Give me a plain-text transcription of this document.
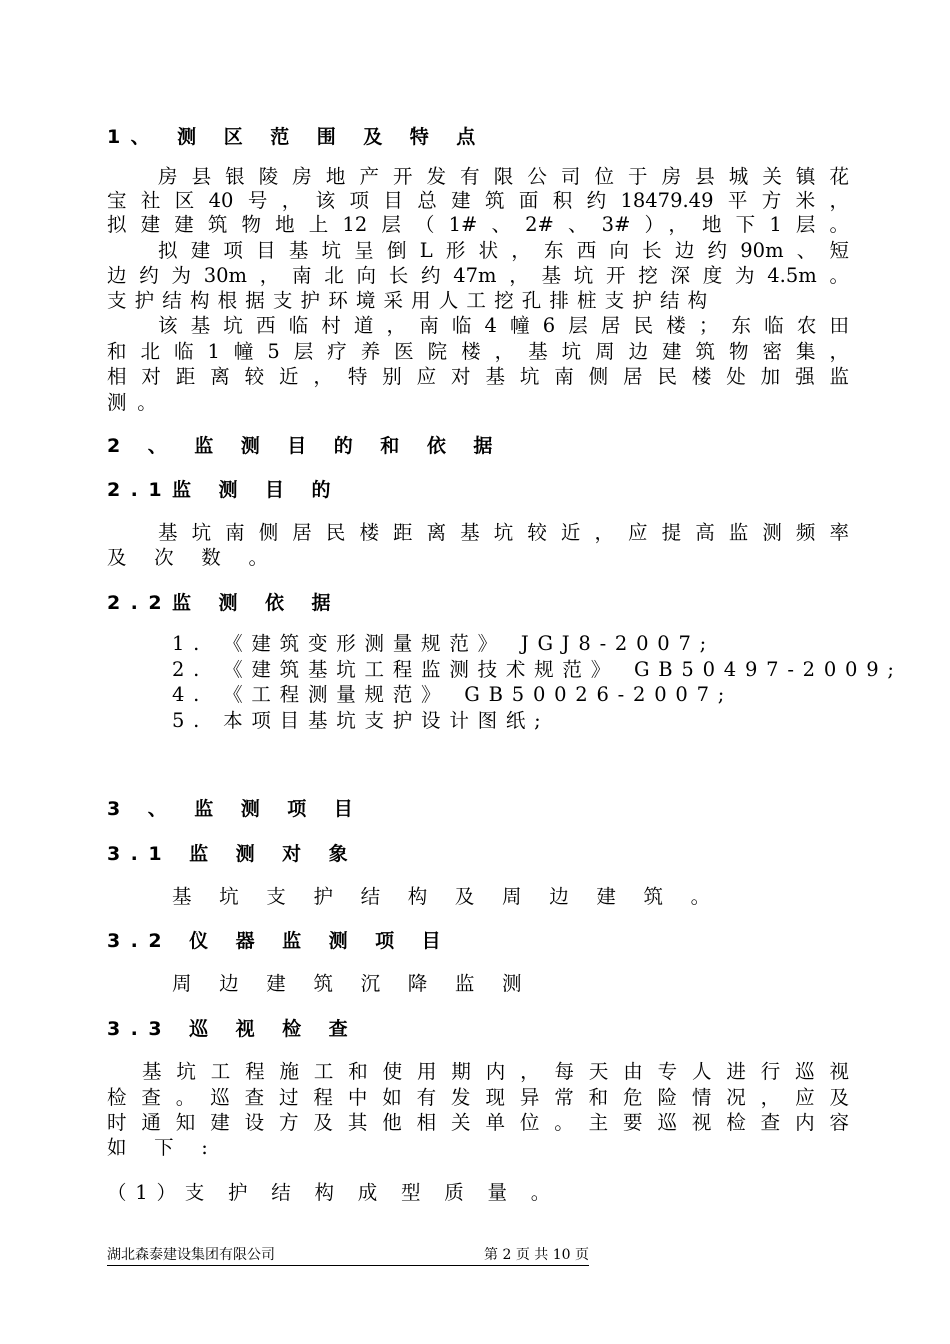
1、 测 区 范 围 及 特 点
房县银陵房地产开发有限公司位于房县城关镇花
宝社区40号，该项目总建筑面积约18479.49平方米，
拟建建筑物地上12层（1#、2#、3#），地下1层。
拟建项目基坑呈倒L形状，东西向长边约90m、短
边约为30m，南北向长约47m，基坑开挖深度为4.5m。
支 护 结 构 根 据 支 护 环 境 采 用 人 工 挖 孔 排 桩 支 护 结 构
该基坑西临村道，南临4幢6层居民楼；东临农田
和北临1幢5层疗养医院楼，基坑周边建筑物密集，
相对距离较近，特别应对基坑南侧居民楼处加强监
测。
2 、 监 测 目 的 和 依 据
2.1监 测 目 的
基坑南侧居民楼距离基坑较近，应提高监测频率
及 次 数 。
2.2监 测 依 据
1. 《建筑变形测量规范》 JGJ8-2007;
2. 《建筑基坑工程监测技术规范》 GB50497-2009;
4. 《工程测量规范》 GB50026-2007;
5. 本项目基坑支护设计图纸;
3 、 监 测 项 目
3.1 监 测 对 象
基 坑 支 护 结 构 及 周 边 建 筑 。
3.2 仪 器 监 测 项 目
周 边 建 筑 沉 降 监 测
3.3 巡 视 检 查
基坑工程施工和使用期内，每天由专人进行巡视
检查。巡查过程中如有发现异常和危险情况，应及
时通知建设方及其他相关单位。主要巡视检查内容
如 下 :
（1）支 护 结 构 成 型 质 量 。
湖北森泰建设集团有限公司	第 2 页 共 10 页
